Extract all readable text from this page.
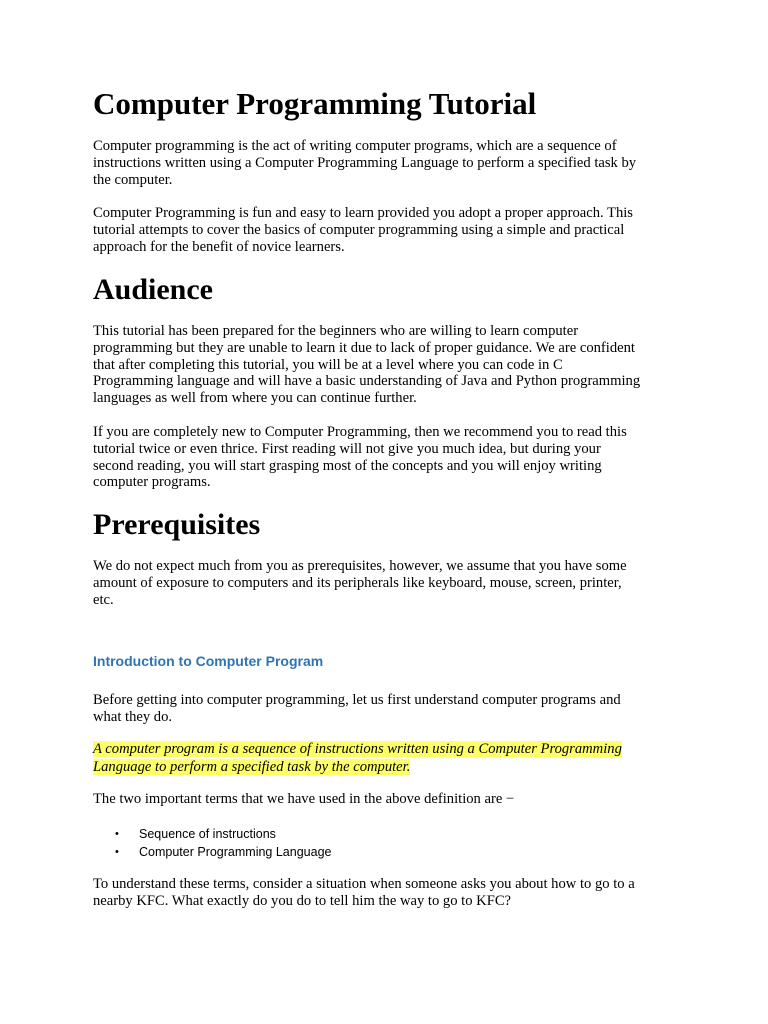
Computer Programming Tutorial

Computer programming is the act of writing computer programs, which are a sequence of
instructions written using a Computer Programming Language to perform a specified task by
the computer.

Computer Programming is fun and easy to learn provided you adopt a proper approach. This
tutorial attempts to cover the basics of computer programming using a simple and practical
approach for the benefit of novice learners.

Audience

This tutorial has been prepared for the beginners who are willing to learn computer
programming but they are unable to learn it due to lack of proper guidance. We are confident
that after completing this tutorial, you will be at a level where you can code in C
Programming language and will have a basic understanding of Java and Python programming
languages as well from where you can continue further.

If you are completely new to Computer Programming, then we recommend you to read this
tutorial twice or even thrice. First reading will not give you much idea, but during your
second reading, you will start grasping most of the concepts and you will enjoy writing
computer programs.

Prerequisites

We do not expect much from you as prerequisites, however, we assume that you have some
amount of exposure to computers and its peripherals like keyboard, mouse, screen, printer,
etc.

Introduction to Computer Program

Before getting into computer programming, let us first understand computer programs and
what they do.

A computer program is a sequence of instructions written using a Computer Programming
Language to perform a specified task by the computer.

The two important terms that we have used in the above definition are −

• Sequence of instructions
• Computer Programming Language

To understand these terms, consider a situation when someone asks you about how to go to a
nearby KFC. What exactly do you do to tell him the way to go to KFC?
